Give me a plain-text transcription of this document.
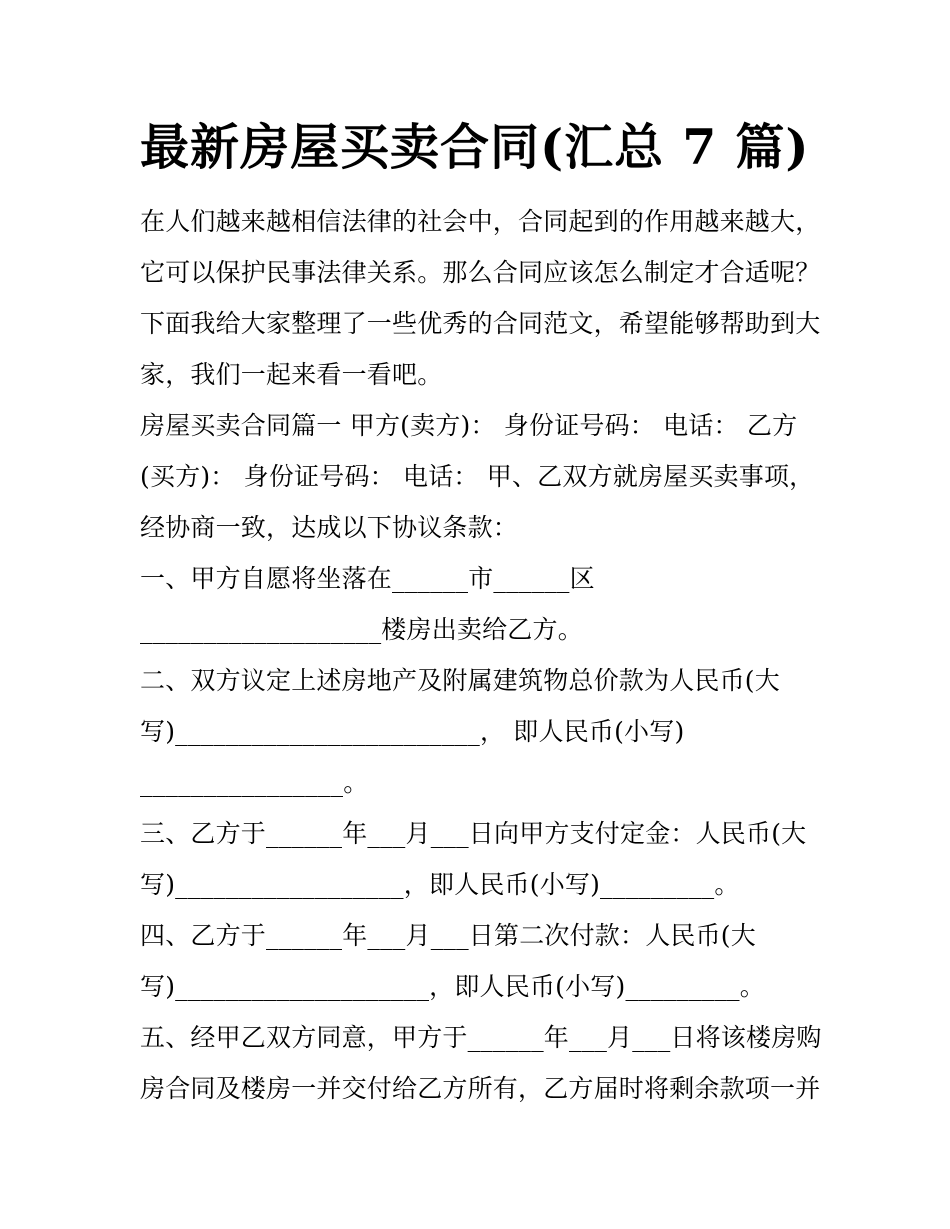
最新房屋买卖合同(汇总 7 篇)
在人们越来越相信法律的社会中，合同起到的作用越来越大，
它可以保护民事法律关系。那么合同应该怎么制定才合适呢？
下面我给大家整理了一些优秀的合同范文，希望能够帮助到大
家，我们一起来看一看吧。
房屋买卖合同篇一 甲方(卖方)： 身份证号码： 电话： 乙方
(买方)： 身份证号码： 电话： 甲、乙双方就房屋买卖事项，
经协商一致，达成以下协议条款：
一、甲方自愿将坐落在______市______区
___________________楼房出卖给乙方。
二、双方议定上述房地产及附属建筑物总价款为人民币(大
写)________________________， 即人民币(小写)
________________。
三、乙方于______年___月___日向甲方支付定金：人民币(大
写)__________________，即人民币(小写)_________。
四、乙方于______年___月___日第二次付款：人民币(大
写)____________________，即人民币(小写)_________。
五、经甲乙双方同意，甲方于______年___月___日将该楼房购
房合同及楼房一并交付给乙方所有，乙方届时将剩余款项一并
